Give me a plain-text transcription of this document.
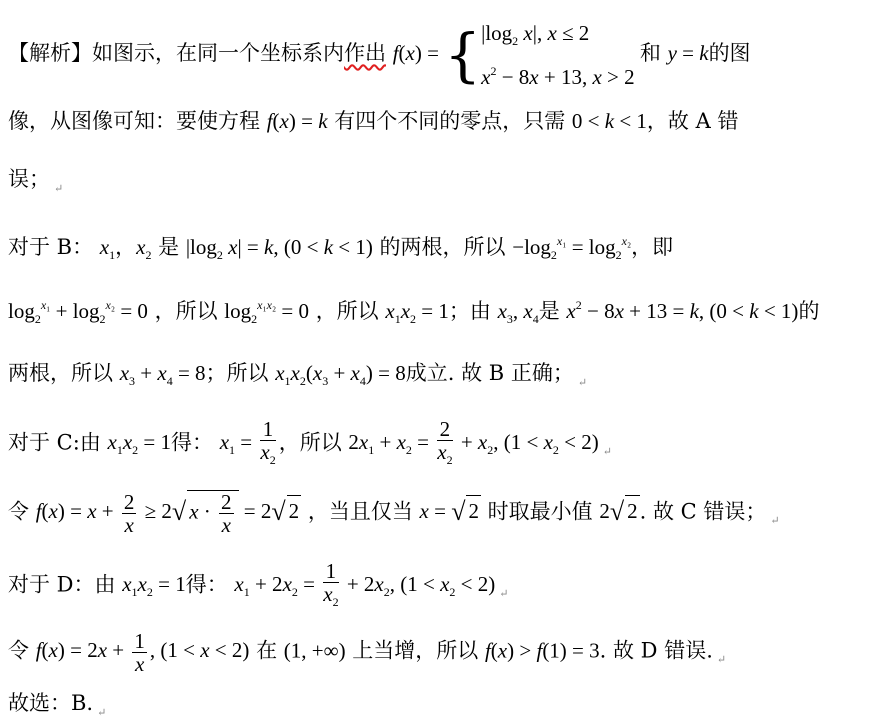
【解析】如图示，在同一个坐标系内作出 f(x) = { $|\log_2$ x|, x ≤ 2
$x^2 - 8x + 13$, x > 2
和 y = k的图
像，从图像可知：要使方程 f(x) = k 有四个不同的零点，只需 0 < k < 1，故 A 错
误； $_↵$
对于 B： $x_1$，$x_2$ 是 $|\log_2$ x| = k, (0 < k < 1) 的两根，所以 $-\log_2^{x_1} = \log_2^{x_2}$，即
$\log_2^{x_1} + \log_2^{x_2} = 0$ ，所以 $\log_2^{x_1x_2} = 0$ ，所以 $x_1x_2 = 1$；由 $x_3$, $x_4$是 $x^2 - 8x + 13 = k$, (0 < k < 1)的
两根，所以 $x_3 + x_4 = 8$；所以 $x_1x_2(x_3 + x_4) = 8$成立. 故 B 正确； $_↵$
对于 C:由 $x_1x_2 = 1$得： $x_1 = \frac{1}{x_2}$ ，所以 $2x_1 + x_2 = \frac{2}{x_2} + x_2$, $(1 < x_2 < 2)$ $_↵$
令 $f(x) = x + \frac{2}{x} \ge 2√$ $x \cdot \frac{2}{x} = 2√$ 2 ，当且仅当 x = √ 2 时取最小值 2√ 2. 故 C 错误； $_↵$
对于 D：由 $x_1x_2 = 1$得： $x_1 + 2x_2 = \frac{1}{x_2} + 2x_2$, $(1 < x_2 < 2)$ $_↵$
令 $f(x) = 2x + \frac{1}{x}$ , (1 < x < 2) 在 (1, +∞) 上当增，所以 f(x) > f(1) = 3. 故 D 错误. $_↵$
故选：B. $_↵$
